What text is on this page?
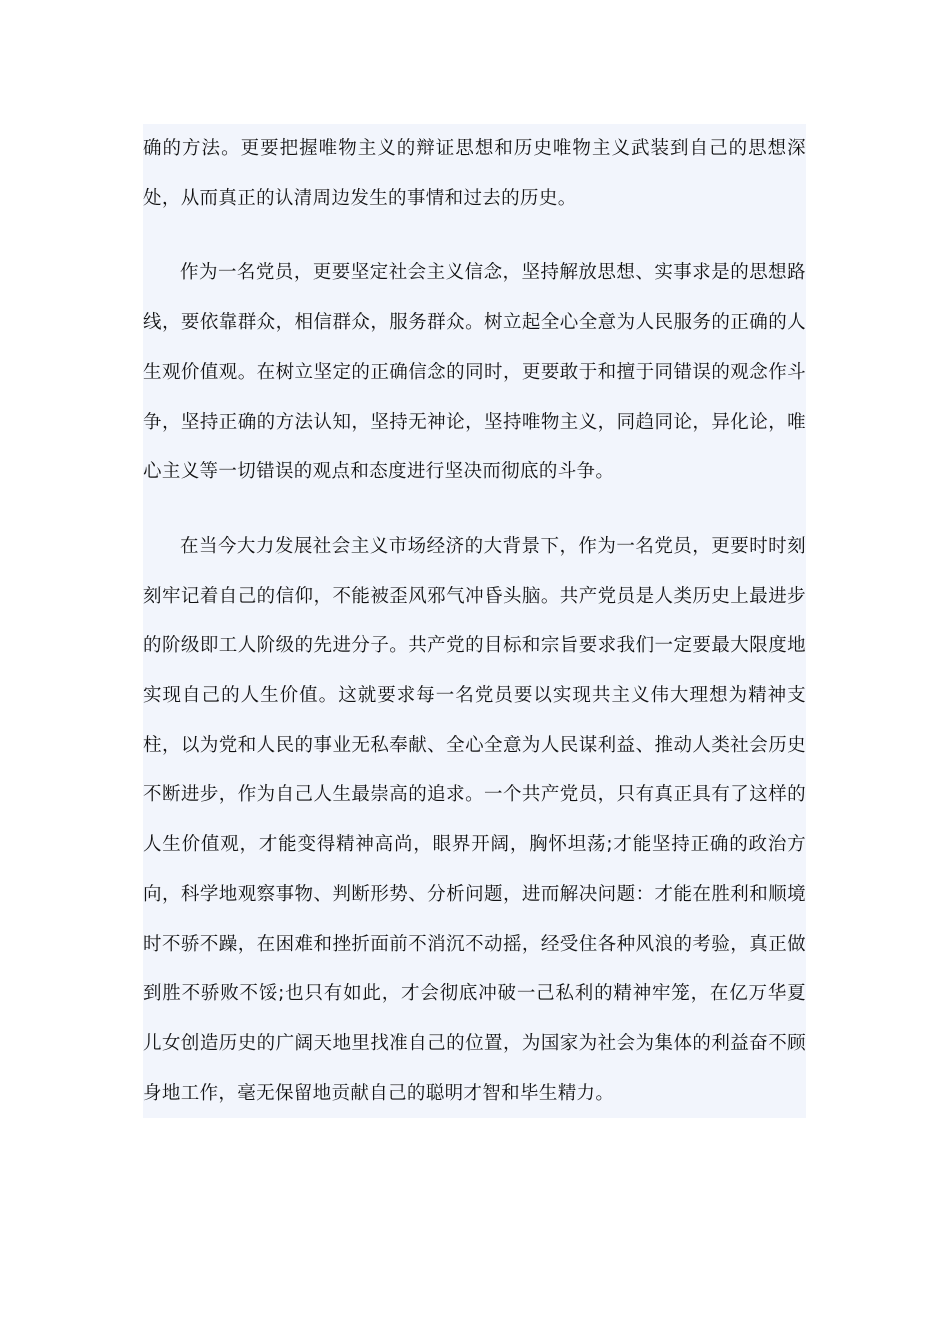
确的方法。更要把握唯物主义的辩证思想和历史唯物主义武装到自己的思想深处，从而真正的认清周边发生的事情和过去的历史。

作为一名党员，更要坚定社会主义信念，坚持解放思想、实事求是的思想路线，要依靠群众，相信群众，服务群众。树立起全心全意为人民服务的正确的人生观价值观。在树立坚定的正确信念的同时，更要敢于和擅于同错误的观念作斗争，坚持正确的方法认知，坚持无神论，坚持唯物主义，同趋同论，异化论，唯心主义等一切错误的观点和态度进行坚决而彻底的斗争。

在当今大力发展社会主义市场经济的大背景下，作为一名党员，更要时时刻刻牢记着自己的信仰，不能被歪风邪气冲昏头脑。共产党员是人类历史上最进步的阶级即工人阶级的先进分子。共产党的目标和宗旨要求我们一定要最大限度地实现自己的人生价值。这就要求每一名党员要以实现共主义伟大理想为精神支柱，以为党和人民的事业无私奉献、全心全意为人民谋利益、推动人类社会历史不断进步，作为自己人生最崇高的追求。一个共产党员，只有真正具有了这样的人生价值观，才能变得精神高尚，眼界开阔，胸怀坦荡;才能坚持正确的政治方向，科学地观察事物、判断形势、分析问题，进而解决问题：才能在胜利和顺境时不骄不躁，在困难和挫折面前不消沉不动摇，经受住各种风浪的考验，真正做到胜不骄败不馁;也只有如此，才会彻底冲破一己私利的精神牢笼，在亿万华夏儿女创造历史的广阔天地里找准自己的位置，为国家为社会为集体的利益奋不顾身地工作，毫无保留地贡献自己的聪明才智和毕生精力。
